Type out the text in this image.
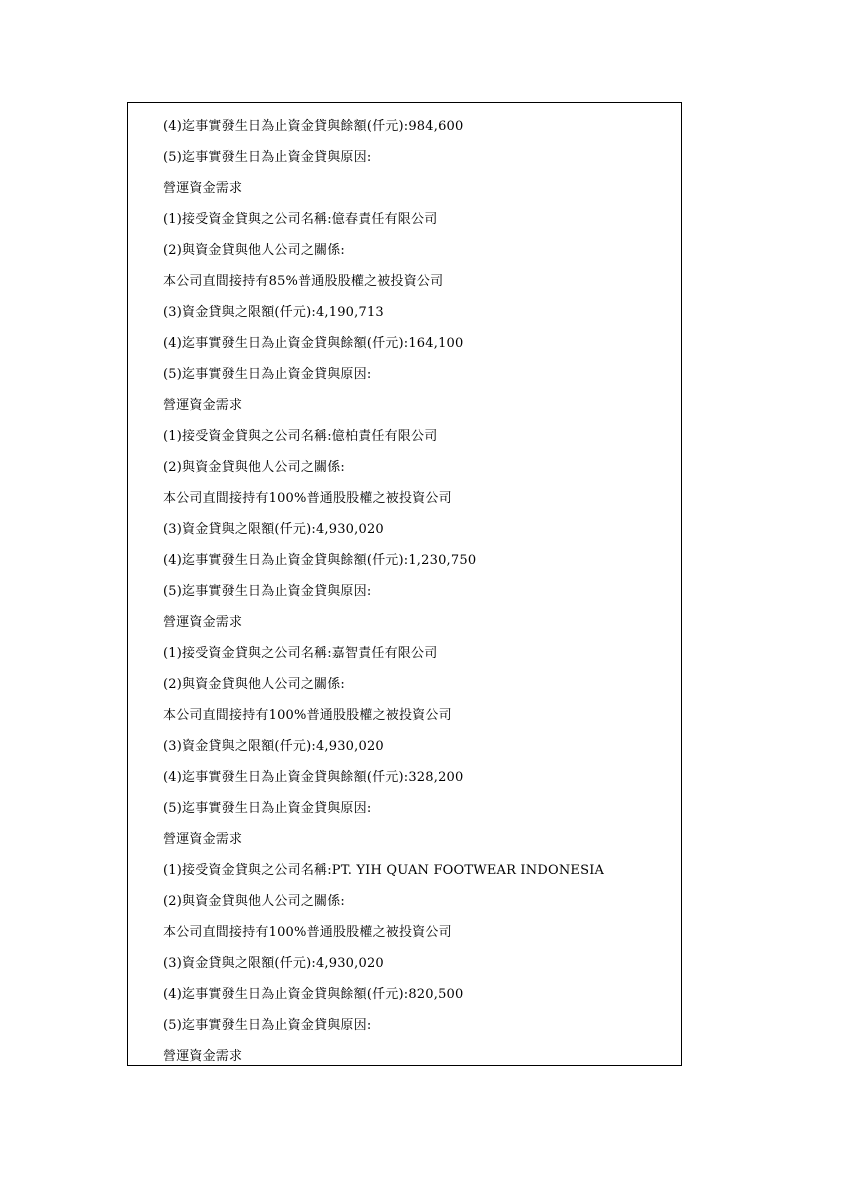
(4)迄事實發生日為止資金貸與餘額(仟元):984,600
(5)迄事實發生日為止資金貸與原因:
營運資金需求
(1)接受資金貸與之公司名稱:億春責任有限公司
(2)與資金貸與他人公司之關係:
本公司直間接持有85%普通股股權之被投資公司
(3)資金貸與之限額(仟元):4,190,713
(4)迄事實發生日為止資金貸與餘額(仟元):164,100
(5)迄事實發生日為止資金貸與原因:
營運資金需求
(1)接受資金貸與之公司名稱:億柏責任有限公司
(2)與資金貸與他人公司之關係:
本公司直間接持有100%普通股股權之被投資公司
(3)資金貸與之限額(仟元):4,930,020
(4)迄事實發生日為止資金貸與餘額(仟元):1,230,750
(5)迄事實發生日為止資金貸與原因:
營運資金需求
(1)接受資金貸與之公司名稱:嘉智責任有限公司
(2)與資金貸與他人公司之關係:
本公司直間接持有100%普通股股權之被投資公司
(3)資金貸與之限額(仟元):4,930,020
(4)迄事實發生日為止資金貸與餘額(仟元):328,200
(5)迄事實發生日為止資金貸與原因:
營運資金需求
(1)接受資金貸與之公司名稱:PT. YIH QUAN FOOTWEAR INDONESIA
(2)與資金貸與他人公司之關係:
本公司直間接持有100%普通股股權之被投資公司
(3)資金貸與之限額(仟元):4,930,020
(4)迄事實發生日為止資金貸與餘額(仟元):820,500
(5)迄事實發生日為止資金貸與原因:
營運資金需求
